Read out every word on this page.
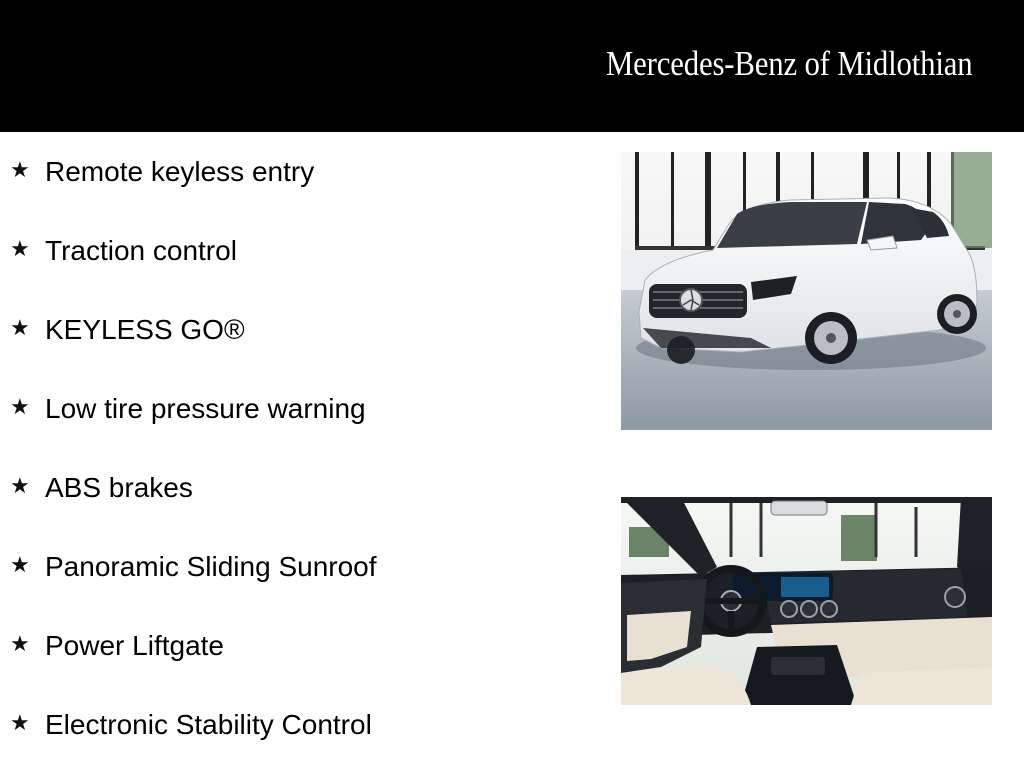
Mercedes-Benz of Midlothian
★ Remote keyless entry
★ Traction control
★ KEYLESS GO®
★ Low tire pressure warning
★ ABS brakes
★ Panoramic Sliding Sunroof
★ Power Liftgate
★ Electronic Stability Control
